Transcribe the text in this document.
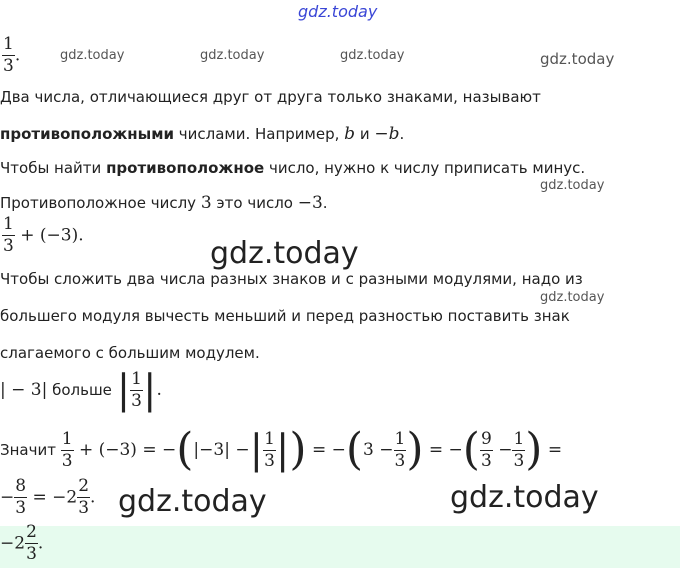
gdz.today
gdz.today	gdz.today	gdz.today	gdz.today
gdz.today
gdz.today
gdz.today
gdz.today	gdz.today
$\frac{1}{3}$ .
Два числа, отличающиеся друг от друга только знаками, называют
противоположными числами. Например, b и −b.
Чтобы найти противоположное число, нужно к числу приписать минус.
Противоположное числу 3 это число −3.
$\frac{1}{3} + (-3)$.
Чтобы сложить два числа разных знаков и с разными модулями, надо из
большего модуля вычесть меньший и перед разностью поставить знак
слагаемого с большим модулем.
| − 3| больше | $\frac{1}{3}$ |.
Значит $\frac{1}{3} + (-3) = -(|-3|$ −| $\frac{1}{3}$ |) = $-(3 - \frac{1}{3}$ ) = −( $\frac{9}{3} - \frac{1}{3}$ ) =
− $\frac{8}{3} = -2 \frac{2}{3}$ .
$-2 \frac{2}{3}$ .
